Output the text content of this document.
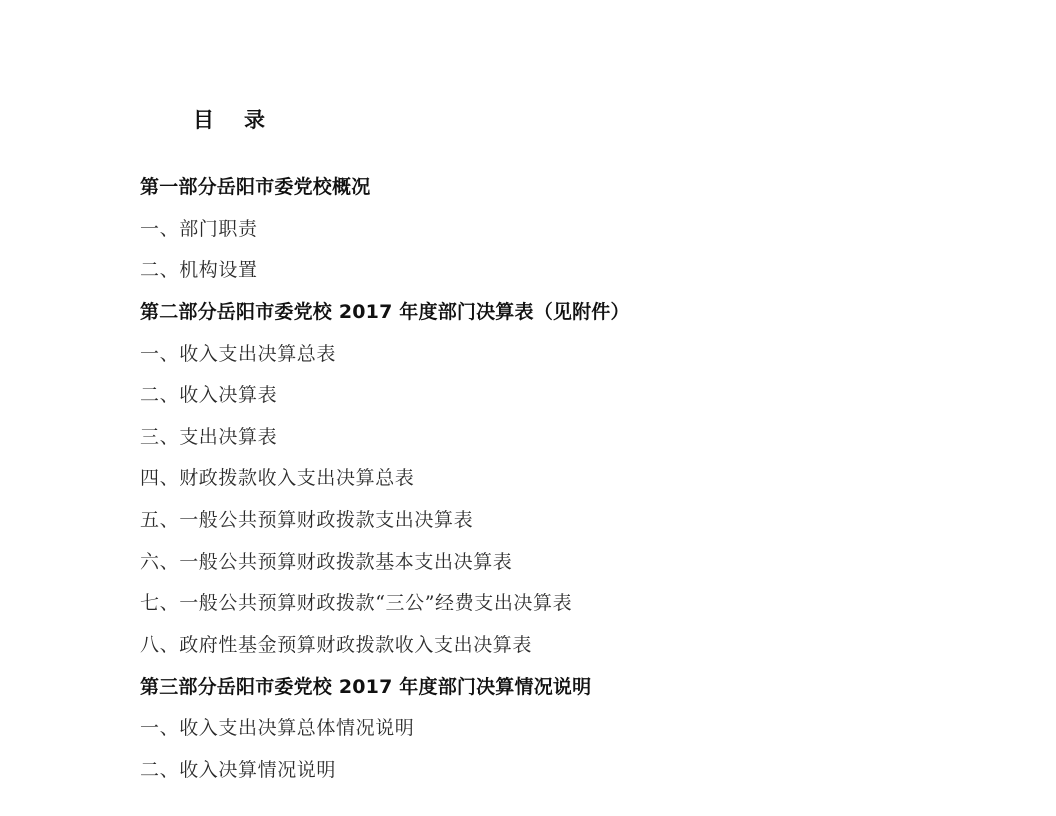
目 录
第一部分岳阳市委党校概况
一、部门职责
二、机构设置
第二部分岳阳市委党校 2017 年度部门决算表（见附件）
一、收入支出决算总表
二、收入决算表
三、支出决算表
四、财政拨款收入支出决算总表
五、一般公共预算财政拨款支出决算表
六、一般公共预算财政拨款基本支出决算表
七、一般公共预算财政拨款“三公”经费支出决算表
八、政府性基金预算财政拨款收入支出决算表
第三部分岳阳市委党校 2017 年度部门决算情况说明
一、收入支出决算总体情况说明
二、收入决算情况说明
